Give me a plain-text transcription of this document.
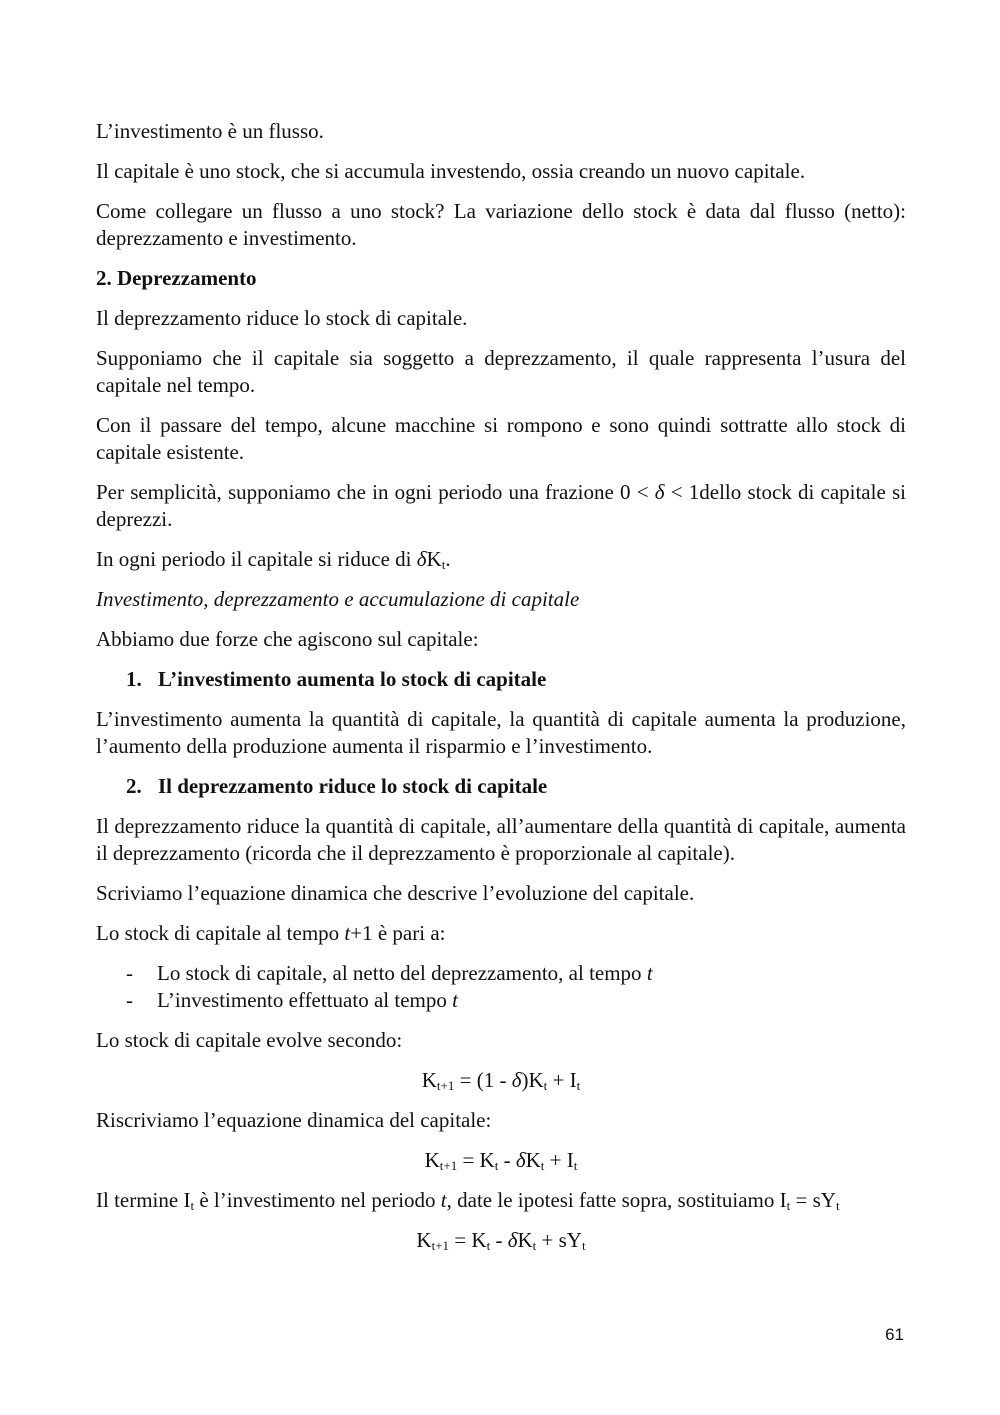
L’investimento è un flusso.

Il capitale è uno stock, che si accumula investendo, ossia creando un nuovo capitale.

Come collegare un flusso a uno stock? La variazione dello stock è data dal flusso (netto): deprezzamento e investimento.

2. Deprezzamento

Il deprezzamento riduce lo stock di capitale.

Supponiamo che il capitale sia soggetto a deprezzamento, il quale rappresenta l’usura del capitale nel tempo.

Con il passare del tempo, alcune macchine si rompono e sono quindi sottratte allo stock di capitale esistente.

Per semplicità, supponiamo che in ogni periodo una frazione 0 < δ < 1dello stock di capitale si deprezzi.

In ogni periodo il capitale si riduce di $\delta K_t$.

Investimento, deprezzamento e accumulazione di capitale

Abbiamo due forze che agiscono sul capitale:

1. L’investimento aumenta lo stock di capitale

L’investimento aumenta la quantità di capitale, la quantità di capitale aumenta la produzione, l’aumento della produzione aumenta il risparmio e l’investimento.

2. Il deprezzamento riduce lo stock di capitale

Il deprezzamento riduce la quantità di capitale, all’aumentare della quantità di capitale, aumenta il deprezzamento (ricorda che il deprezzamento è proporzionale al capitale).

Scriviamo l’equazione dinamica che descrive l’evoluzione del capitale.

Lo stock di capitale al tempo t+1 è pari a:

-	Lo stock di capitale, al netto del deprezzamento, al tempo t
-	L’investimento effettuato al tempo t

Lo stock di capitale evolve secondo:

$K_{t+1} = (1 - \delta)K_t + I_t$

Riscriviamo l’equazione dinamica del capitale:

$K_{t+1} = K_t - \delta K_t + I_t$

Il termine $I_t$ è l’investimento nel periodo t, date le ipotesi fatte sopra, sostituiamo $I_t = sY_t$

$K_{t+1} = K_t - \delta K_t + sY_t$
61
